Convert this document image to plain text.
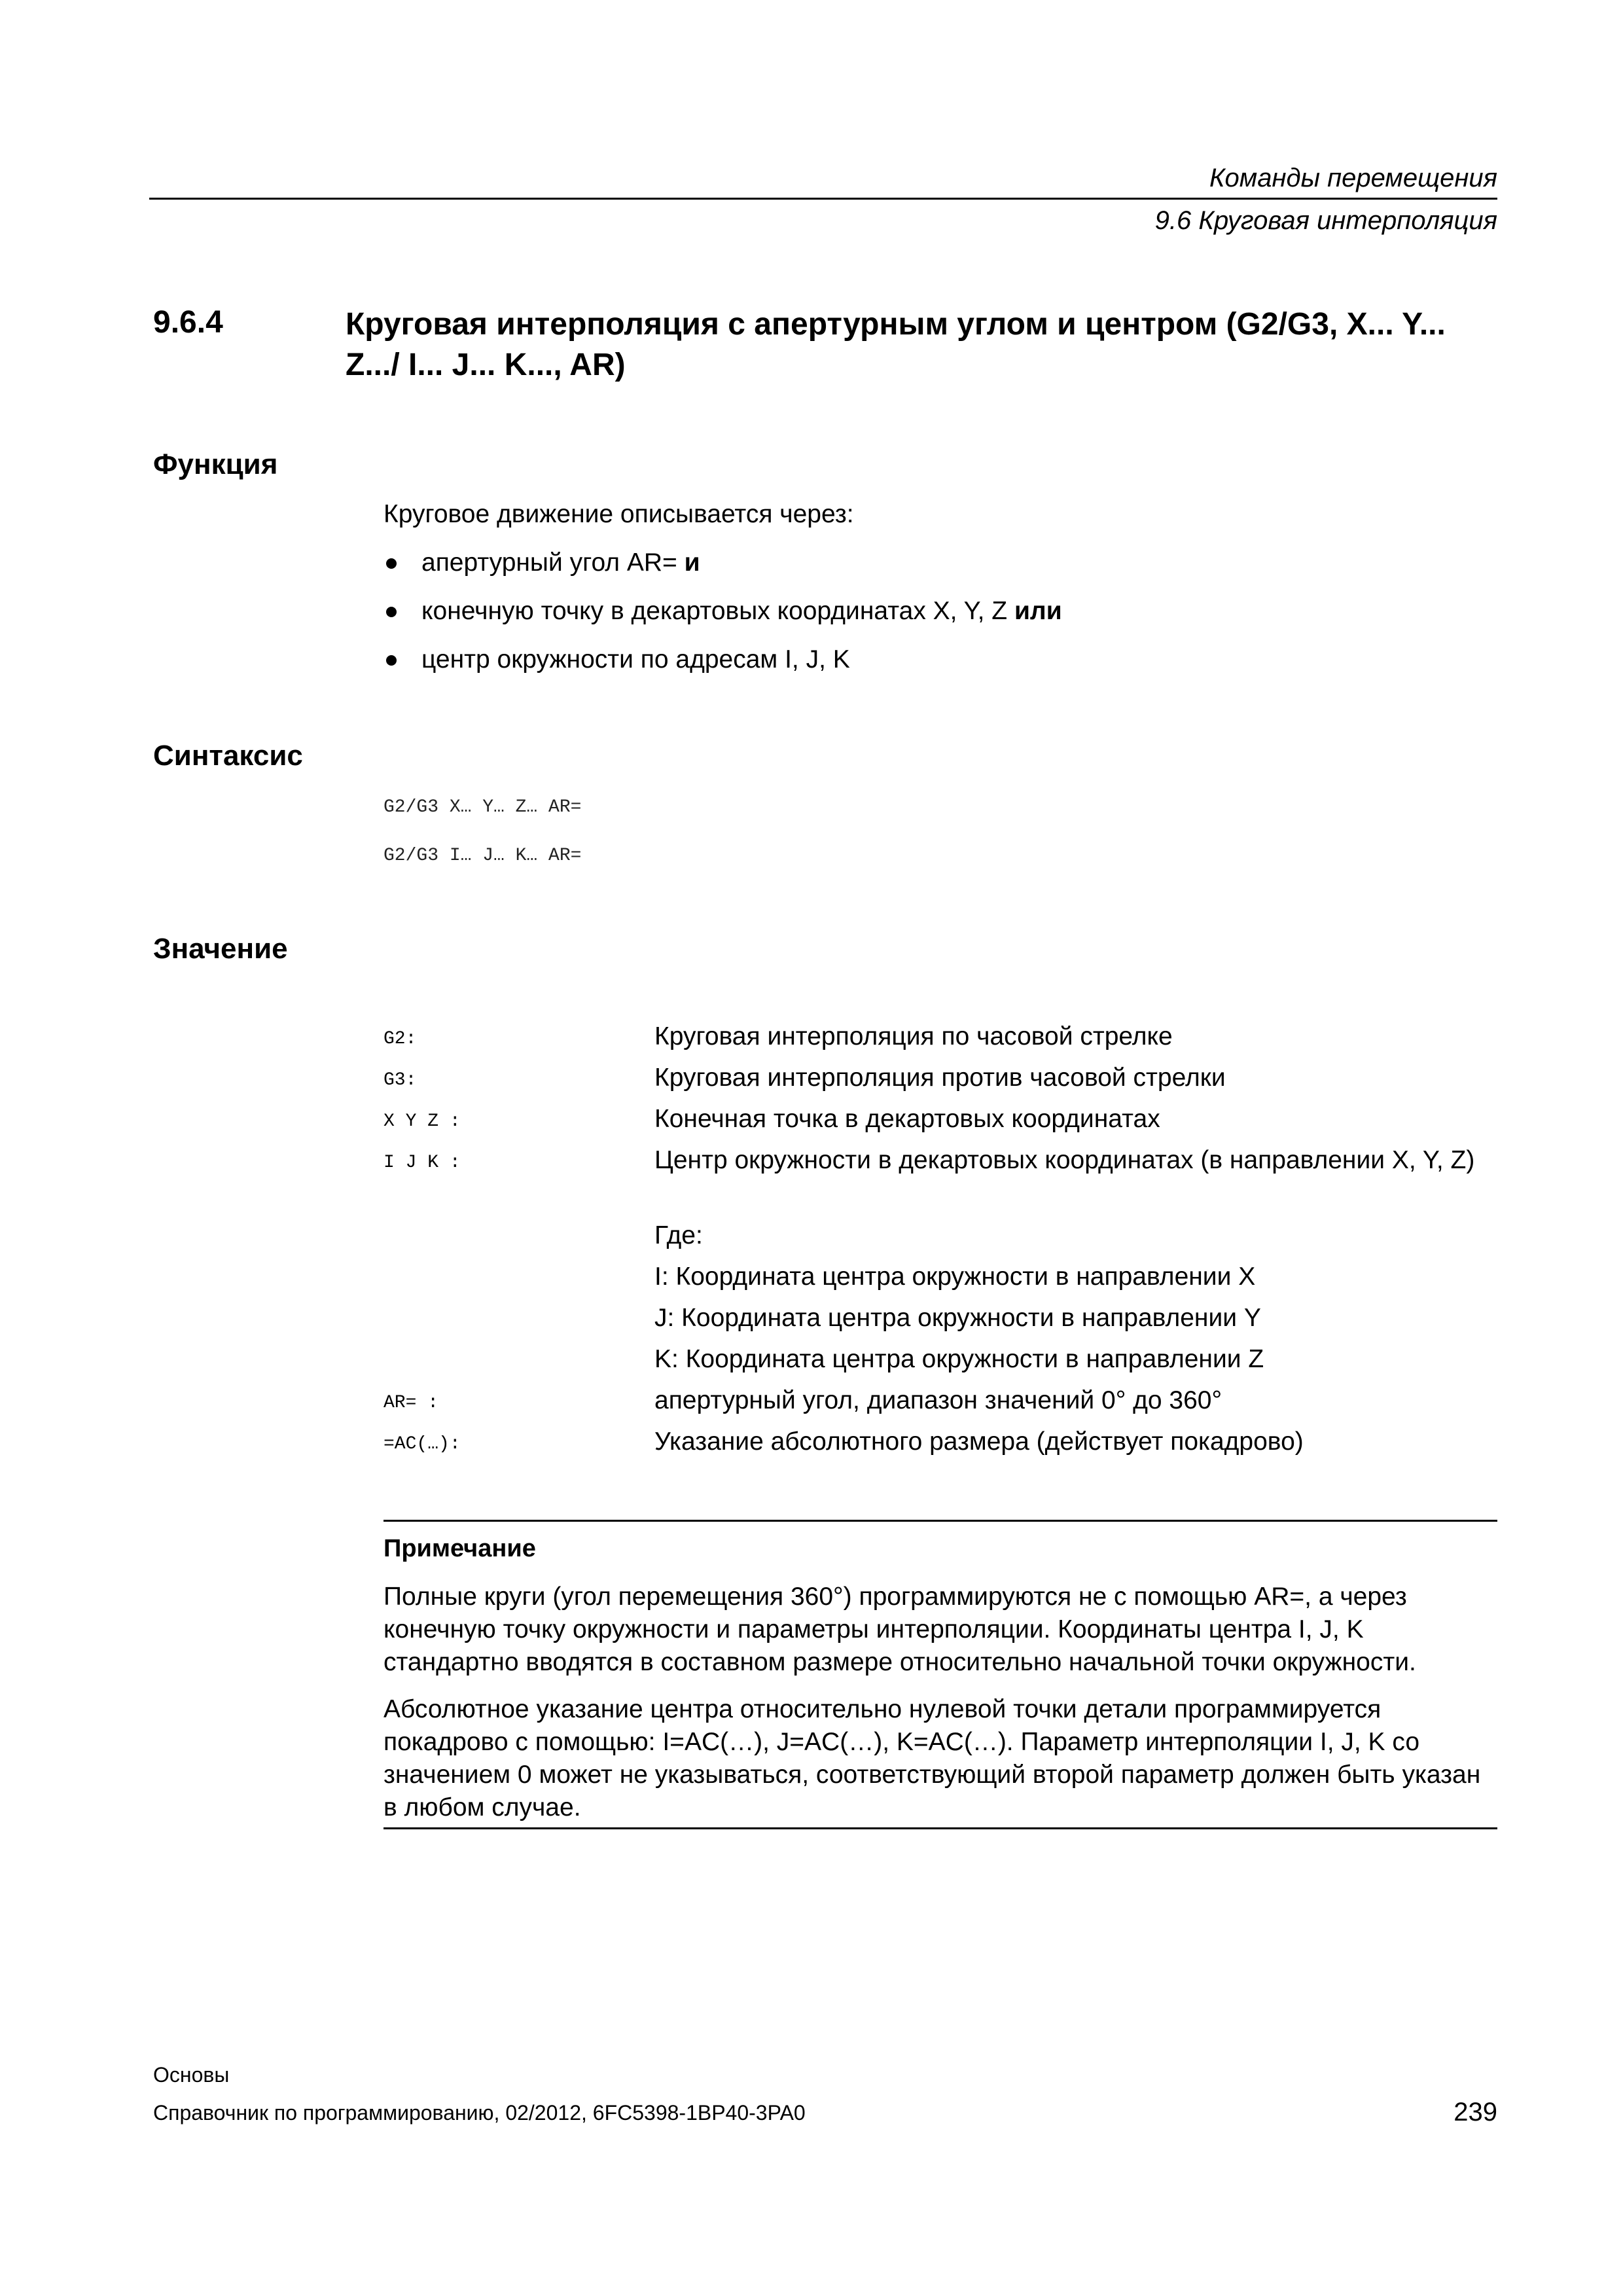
Команды перемещения
9.6 Круговая интерполяция
9.6.4	Круговая интерполяция с апертурным углом и центром (G2/G3, X... Y... Z.../ I... J... K..., AR)
Функция
Круговое движение описывается через:
апертурный угол AR= и
конечную точку в декартовых координатах X, Y, Z или
центр окружности по адресам I, J, K
Синтаксис
G2/G3 X… Y… Z… AR=
G2/G3 I… J… K… AR=
Значение
G2:	Круговая интерполяция по часовой стрелке
G3:	Круговая интерполяция против часовой стрелки
X Y Z :	Конечная точка в декартовых координатах
I J K :	Центр окружности в декартовых координатах (в направлении X, Y, Z)
Где:
I: Координата центра окружности в направлении X
J: Координата центра окружности в направлении Y
K: Координата центра окружности в направлении Z
AR= :	апертурный угол, диапазон значений 0° до 360°
=AC(…):	Указание абсолютного размера (действует покадрово)
Примечание
Полные круги (угол перемещения 360°) программируются не с помощью AR=, а через конечную точку окружности и параметры интерполяции. Координаты центра I, J, K стандартно вводятся в составном размере относительно начальной точки окружности.
Абсолютное указание центра относительно нулевой точки детали программируется покадрово с помощью: I=AC(…), J=AC(…), K=AC(…). Параметр интерполяции I, J, K со значением 0 может не указываться, соответствующий второй параметр должен быть указан в любом случае.
Основы
Справочник по программированию, 02/2012, 6FC5398-1BP40-3PA0	239
